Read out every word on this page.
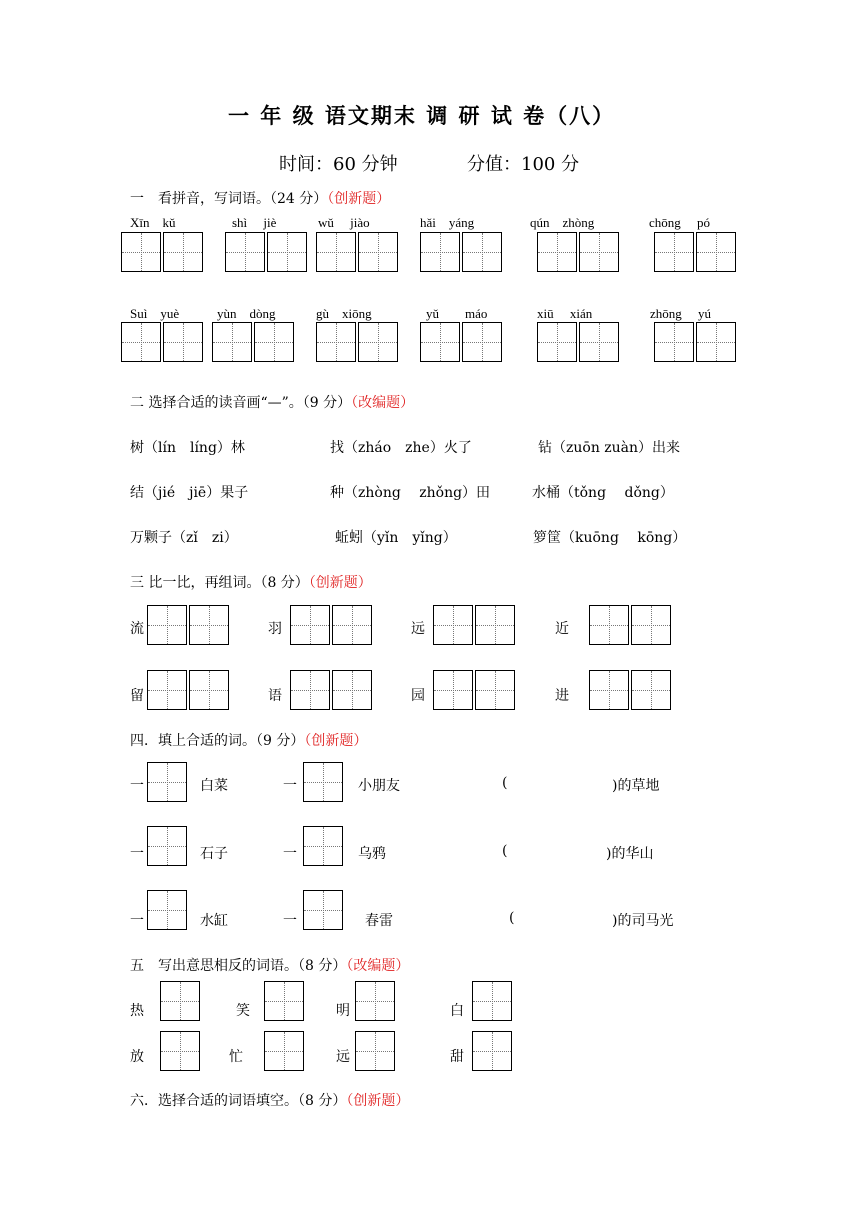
一 年 级 语文期末 调 研 试 卷（八）
时间：60 分钟	分值：100 分
一　看拼音，写词语。（24 分）（创新题）
Xīn　kǔ	shì　 jiè	wǔ　 jiào	hǎi　yáng	qún　zhòng	chōng　 pó
Suì　yuè	yùn　dòng	gù　xiōng	yǔ　　máo	xiū　 xián	zhōng　 yú
二 选择合适的读音画“—”。（9 分）（改编题）
树（lín　líng）林	找（zháo　zhe）火了	钻（zuōn zuàn）出来
结（jié　jiē）果子	种（zhòng　 zhǒng）田	水桶（tǒng　 dǒng）
万颗子（zǐ　zi）	蚯蚓（yǐn　yǐng）	箩筐（kuōng　 kōng）
三 比一比，再组词。（8 分）（创新题）
流	羽	远	近
留	语	园	进
四．填上合适的词。（9 分）（创新题）
一	白菜	一	小朋友	(	)的草地
一	石子	一	乌鸦	(	)的华山
一	水缸	一	春雷	(	)的司马光
五　写出意思相反的词语。（8 分）（改编题）
热	笑	明	白
放	忙	远	甜
六．选择合适的词语填空。（8 分）（创新题）
